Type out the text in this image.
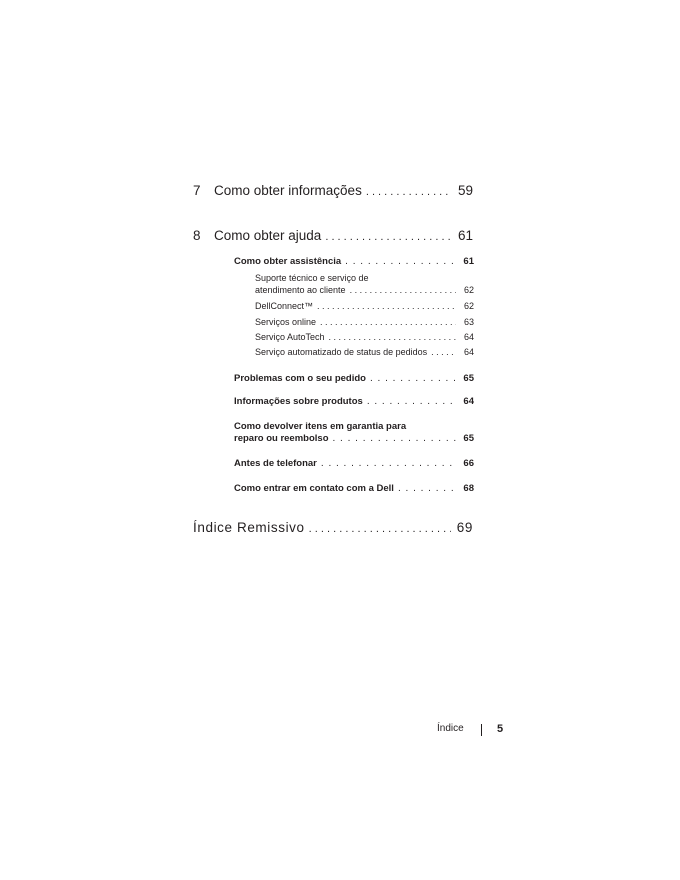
7 Como obter informações . . .	59
8 Como obter ajuda . . .	61
Como obter assistência . . .	61
Suporte técnico e serviço de
atendimento ao cliente . . .	62
DellConnect™ . . .	62
Serviços online . . .	63
Serviço AutoTech . . .	64
Serviço automatizado de status de pedidos . . .	64
Problemas com o seu pedido . . .	65
Informações sobre produtos . . .	64
Como devolver itens em garantia para
reparo ou reembolso . . .	65
Antes de telefonar . . .	66
Como entrar em contato com a Dell . . .	68
Índice Remissivo . . .	69
Índice	5
